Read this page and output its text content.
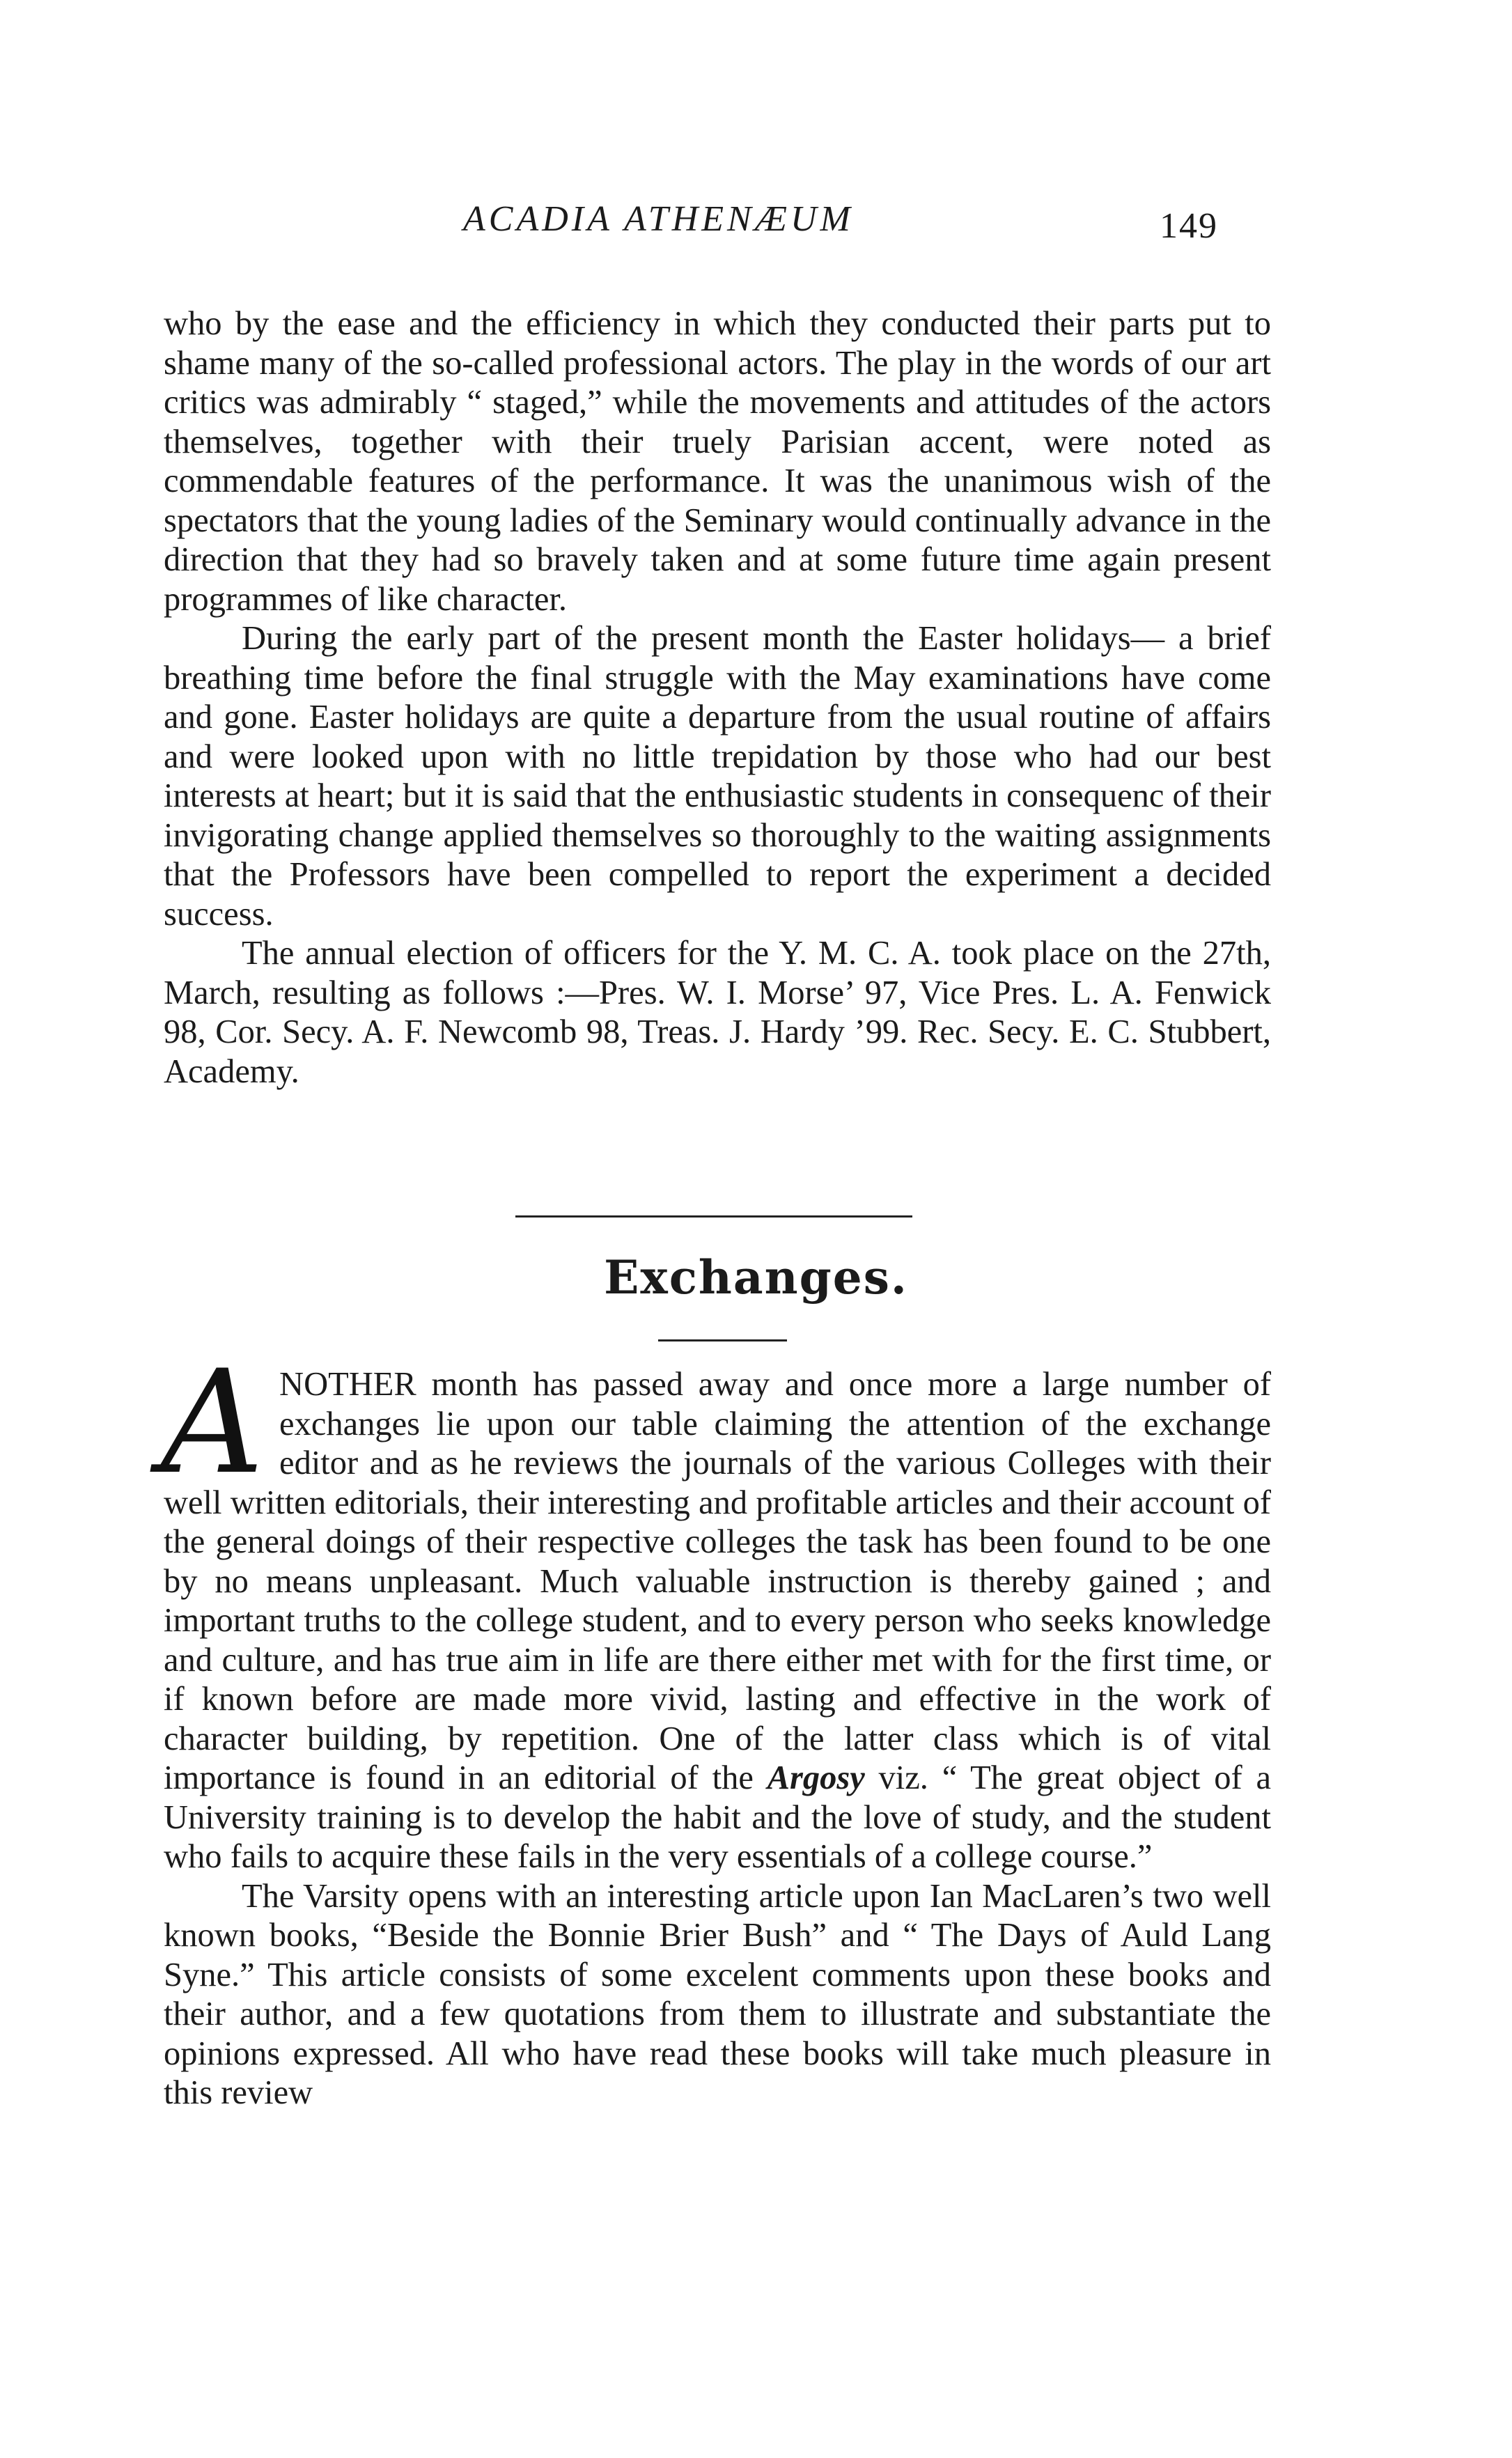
ACADIA ATHENÆUM	149

who by the ease and the efficiency in which they conducted their parts put to shame many of the so-called professional actors. The play in the words of our art critics was admirably “ staged,” while the movements and attitudes of the actors themselves, together with their truely Parisian accent, were noted as commendable features of the performance. It was the unanimous wish of the spectators that the young ladies of the Seminary would continually advance in the direction that they had so bravely taken and at some future time again present programmes of like character.

During the early part of the present month the Easter holidays— a brief breathing time before the final struggle with the May examinations have come and gone. Easter holidays are quite a departure from the usual routine of affairs and were looked upon with no little trepidation by those who had our best interests at heart; but it is said that the enthusiastic students in consequenc of their invigorating change applied themselves so thoroughly to the waiting assignments that the Professors have been compelled to report the experiment a decided success.

The annual election of officers for the Y. M. C. A. took place on the 27th, March, resulting as follows :—Pres. W. I. Morse’ 97, Vice Pres. L. A. Fenwick 98, Cor. Secy. A. F. Newcomb 98, Treas. J. Hardy ’99. Rec. Secy. E. C. Stubbert, Academy.

Exchanges.

ANOTHER month has passed away and once more a large number of exchanges lie upon our table claiming the attention of the exchange editor and as he reviews the journals of the various Colleges with their well written editorials, their interesting and profitable articles and their account of the general doings of their respective colleges the task has been found to be one by no means unpleasant. Much valuable instruction is thereby gained ; and important truths to the college student, and to every person who seeks knowledge and culture, and has true aim in life are there either met with for the first time, or if known before are made more vivid, lasting and effective in the work of character building, by repetition. One of the latter class which is of vital importance is found in an editorial of the Argosy viz. “ The great object of a University training is to develop the habit and the love of study, and the student who fails to acquire these fails in the very essentials of a college course.”

The Varsity opens with an interesting article upon Ian MacLaren’s two well known books, “Beside the Bonnie Brier Bush” and “ The Days of Auld Lang Syne.” This article consists of some excelent comments upon these books and their author, and a few quotations from them to illustrate and substantiate the opinions expressed. All who have read these books will take much pleasure in this review
